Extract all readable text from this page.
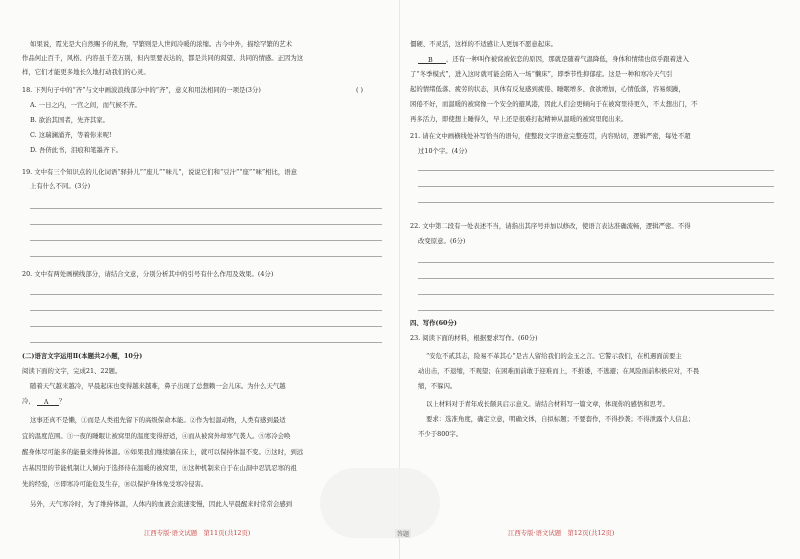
如果说，霓光是大自然赐予的礼物，罕繁则是人世间冷暖的浓缩。古今中外，描绘罕繁的艺术
作品何止百千，风格、内容虽千差万别，但内里要表达的，都是共同的渴望、共同的情感。正因为这
样，它们才能更多地长久地打动我们的心灵。
18. 下列句子中的“齐”与文中画波浪线部分中的“齐”，意义和用法相同的一项是(3分)	( )
A. 一日之内，一宫之间，而气候不齐。
B. 欲治其国者，先齐其家。
C. 这瑞澜涌齐，等着你来呢!
D. 吾侪此书，泪痕和笔墨齐下。
19. 文中有三个知识点的儿化词语“驿卦儿”“座儿”“味儿”，说说它们和“豆汁”“座”“味”相比，语意
上有什么不同。(3分)
20. 文中有两处画横线部分，请结合文意，分别分析其中的引号有什么作用及效果。(4分)
(二)语言文字运用Ⅱ(本题共2小题，10分)
阅读下面的文字，完成21、22题。
随着天气越来越冷，早晨起床也变得越来越难，鼻子出现了总想赖一会儿床。为什么天气越
冷， A ？
这事还真不是懒，①而是人类祖先留下的高级保命本能。②作为恒温动物，人类有感到最适
宜的温度范围。③一夜的睡眠让被窝里的温度变得舒适，④而从被窝外却寒气袭人。⑤寒冷会唤
醒身体尽可能多的能量来维持体温。⑥如果我们继续躺在床上，就可以保持体温不变。⑦这时，到远
古基因里的节能机制让人倾向于选择待在温暖的被窝里，⑧这种机制来自于在山洞中忍饥忍寒的祖
先的经验，⑨即寒冷可能危及生存，⑩以保护身体免受寒冷侵害。
另外，天气寒冷时，为了维持体温，人体内的血液会流速变慢，因此人早晨醒来时常常会感到
江西专版·语文试题　第11页(共12页)	答题
僵硬、不灵活，这样的不适感让人更加不愿意起床。
B ，还有一种叫作被窝被依恋的原因，那就是随着气温降低，身体和情绪也似乎跟着进入
了“冬季模式”，进入这时就可能会陷入一场“懒床”，即季节性抑郁症。这是一种和寒冷天气引
起的情绪低落、疲劳的状态，具体有反复感到疲倦、睡眠增多、食欲增加，心情低落，容易烦躁，
困倦不好，而温暖的被窝像一个安全的避风港，因此人们会更倾向于在被窝里待更久，不太想出门，不
再多活力，即使想上睡得久，早上还是很难打起精神从温暖的被窝里爬出来。
21. 请在文中画横线处补写恰当的语句，使整段文字语意完整连贯，内容贴切，逻辑严密，每处不超
过10个字。(4分)
22. 文中第二段有一处表述不当，请指出其序号并加以修改，使语言表达准确流畅，逻辑严密。不得
改变原意。(6分)
四、写作(60分)
23. 阅读下面的材料，根据要求写作。(60分)
“安危不贰其志，险易不革其心”是古人留给我们的金玉之言。它警示我们，在机遇面前要主
动出击，不退缩，不观望；在困难面前敢于迎难而上，不推诿，不逃避；在风险面前积极应对，不畏
缩，不躲闪。
以上材料对于青年成长颇具启示意义。请结合材料写一篇文章，体现你的感悟和思考。
要求：选准角度，确定立意，明确文体，自拟标题；不要套作，不得抄袭；不得泄露个人信息；
不少于800字。
江西专版·语文试题　第12页(共12页)
